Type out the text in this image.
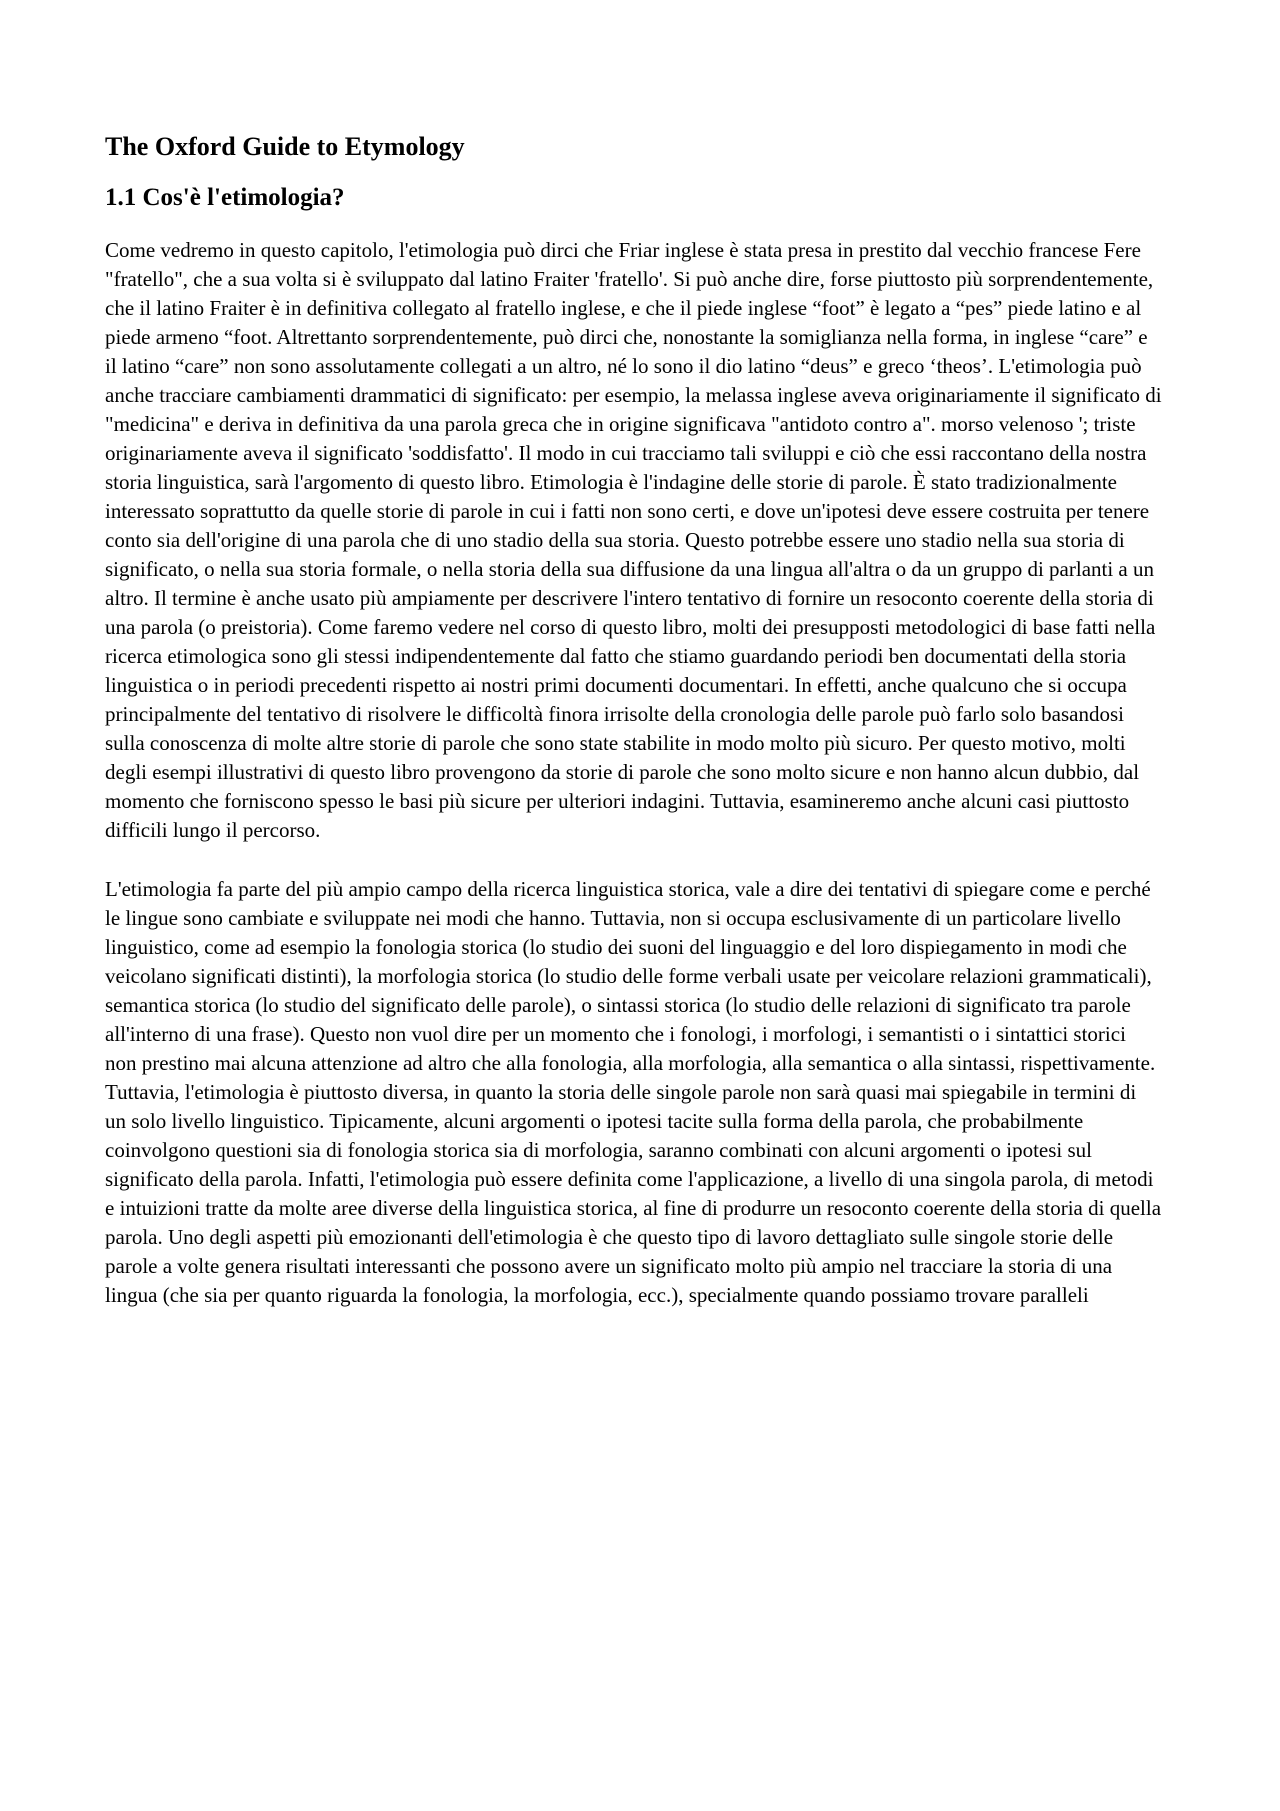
The Oxford Guide to Etymology
1.1 Cos'è l'etimologia?

Come vedremo in questo capitolo, l'etimologia può dirci che Friar inglese è stata presa in prestito dal vecchio francese Fere "fratello", che a sua volta si è sviluppato dal latino Fraiter 'fratello'. Si può anche dire, forse piuttosto più sorprendentemente, che il latino Fraiter è in definitiva collegato al fratello inglese, e che il piede inglese “foot” è legato a “pes” piede latino e al piede armeno “foot. Altrettanto sorprendentemente, può dirci che, nonostante la somiglianza nella forma, in inglese “care” e il latino “care” non sono assolutamente collegati a un altro, né lo sono il dio latino “deus” e greco ‘theos’. L'etimologia può anche tracciare cambiamenti drammatici di significato: per esempio, la melassa inglese aveva originariamente il significato di "medicina" e deriva in definitiva da una parola greca che in origine significava "antidoto contro a". morso velenoso '; triste originariamente aveva il significato 'soddisfatto'. Il modo in cui tracciamo tali sviluppi e ciò che essi raccontano della nostra storia linguistica, sarà l'argomento di questo libro. Etimologia è l'indagine delle storie di parole. È stato tradizionalmente interessato soprattutto da quelle storie di parole in cui i fatti non sono certi, e dove un'ipotesi deve essere costruita per tenere conto sia dell'origine di una parola che di uno stadio della sua storia. Questo potrebbe essere uno stadio nella sua storia di significato, o nella sua storia formale, o nella storia della sua diffusione da una lingua all'altra o da un gruppo di parlanti a un altro. Il termine è anche usato più ampiamente per descrivere l'intero tentativo di fornire un resoconto coerente della storia di una parola (o preistoria). Come faremo vedere nel corso di questo libro, molti dei presupposti metodologici di base fatti nella ricerca etimologica sono gli stessi indipendentemente dal fatto che stiamo guardando periodi ben documentati della storia linguistica o in periodi precedenti rispetto ai nostri primi documenti documentari. In effetti, anche qualcuno che si occupa principalmente del tentativo di risolvere le difficoltà finora irrisolte della cronologia delle parole può farlo solo basandosi sulla conoscenza di molte altre storie di parole che sono state stabilite in modo molto più sicuro. Per questo motivo, molti degli esempi illustrativi di questo libro provengono da storie di parole che sono molto sicure e non hanno alcun dubbio, dal momento che forniscono spesso le basi più sicure per ulteriori indagini. Tuttavia, esamineremo anche alcuni casi piuttosto difficili lungo il percorso.

L'etimologia fa parte del più ampio campo della ricerca linguistica storica, vale a dire dei tentativi di spiegare come e perché le lingue sono cambiate e sviluppate nei modi che hanno. Tuttavia, non si occupa esclusivamente di un particolare livello linguistico, come ad esempio la fonologia storica (lo studio dei suoni del linguaggio e del loro dispiegamento in modi che veicolano significati distinti), la morfologia storica (lo studio delle forme verbali usate per veicolare relazioni grammaticali), semantica storica (lo studio del significato delle parole), o sintassi storica (lo studio delle relazioni di significato tra parole all'interno di una frase). Questo non vuol dire per un momento che i fonologi, i morfologi, i semantisti o i sintattici storici non prestino mai alcuna attenzione ad altro che alla fonologia, alla morfologia, alla semantica o alla sintassi, rispettivamente. Tuttavia, l'etimologia è piuttosto diversa, in quanto la storia delle singole parole non sarà quasi mai spiegabile in termini di un solo livello linguistico. Tipicamente, alcuni argomenti o ipotesi tacite sulla forma della parola, che probabilmente coinvolgono questioni sia di fonologia storica sia di morfologia, saranno combinati con alcuni argomenti o ipotesi sul significato della parola. Infatti, l'etimologia può essere definita come l'applicazione, a livello di una singola parola, di metodi e intuizioni tratte da molte aree diverse della linguistica storica, al fine di produrre un resoconto coerente della storia di quella parola. Uno degli aspetti più emozionanti dell'etimologia è che questo tipo di lavoro dettagliato sulle singole storie delle parole a volte genera risultati interessanti che possono avere un significato molto più ampio nel tracciare la storia di una lingua (che sia per quanto riguarda la fonologia, la morfologia, ecc.), specialmente quando possiamo trovare paralleli
